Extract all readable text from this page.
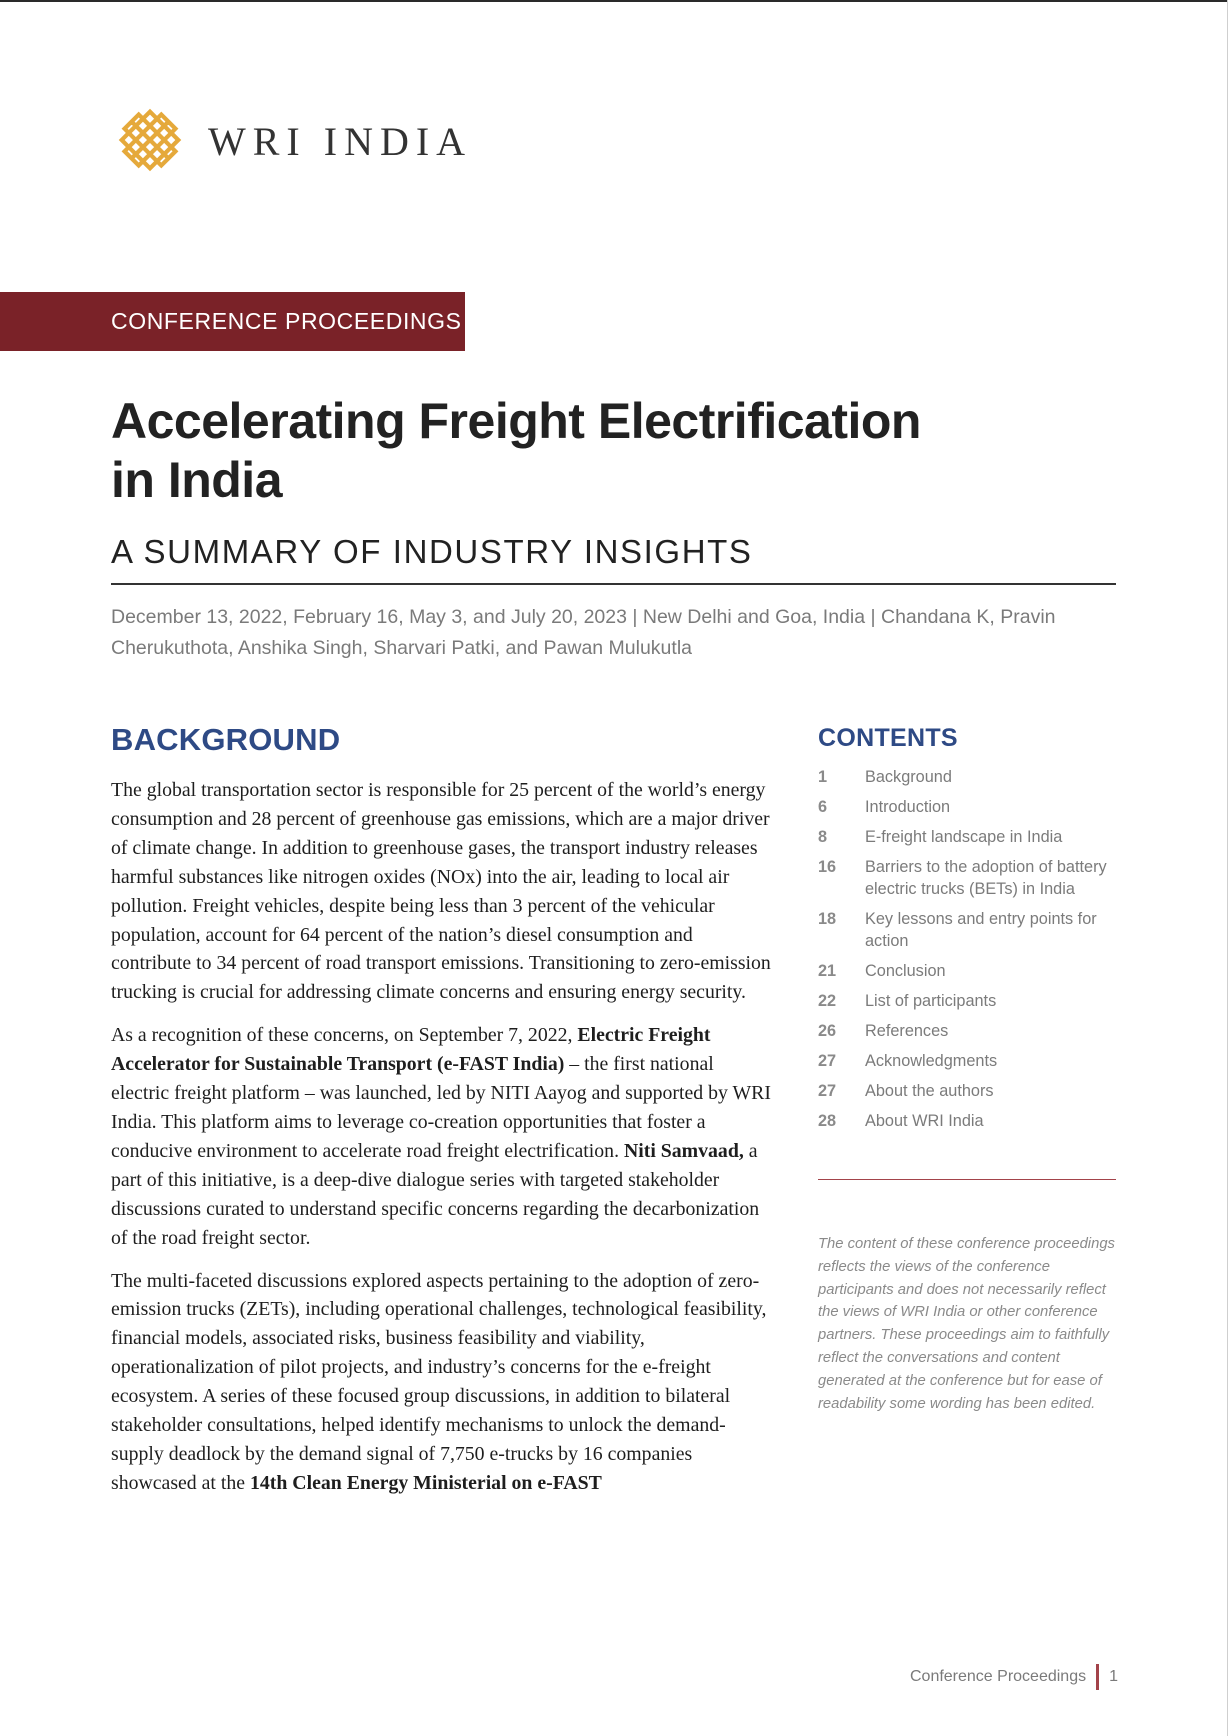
WRI INDIA
CONFERENCE PROCEEDINGS
Accelerating Freight Electrification in India
A SUMMARY OF INDUSTRY INSIGHTS
December 13, 2022, February 16, May 3, and July 20, 2023 | New Delhi and Goa, India | Chandana K, Pravin Cherukuthota, Anshika Singh, Sharvari Patki, and Pawan Mulukutla
BACKGROUND

The global transportation sector is responsible for 25 percent of the world’s energy consumption and 28 percent of greenhouse gas emissions, which are a major driver of climate change. In addition to greenhouse gases, the transport industry releases harmful substances like nitrogen oxides (NOx) into the air, leading to local air pollution. Freight vehicles, despite being less than 3 percent of the vehicular population, account for 64 percent of the nation’s diesel consumption and contribute to 34 percent of road transport emissions. Transitioning to zero-emission trucking is crucial for addressing climate concerns and ensuring energy security.

As a recognition of these concerns, on September 7, 2022, Electric Freight Accelerator for Sustainable Transport (e-FAST India) – the first national electric freight platform – was launched, led by NITI Aayog and supported by WRI India. This platform aims to leverage co-creation opportunities that foster a conducive environment to accelerate road freight electrification. Niti Samvaad, a part of this initiative, is a deep-dive dialogue series with targeted stakeholder discussions curated to understand specific concerns regarding the decarbonization of the road freight sector.

The multi-faceted discussions explored aspects pertaining to the adoption of zero-emission trucks (ZETs), including operational challenges, technological feasibility, financial models, associated risks, business feasibility and viability, operationalization of pilot projects, and industry’s concerns for the e-freight ecosystem. A series of these focused group discussions, in addition to bilateral stakeholder consultations, helped identify mechanisms to unlock the demand-supply deadlock by the demand signal of 7,750 e-trucks by 16 companies showcased at the 14th Clean Energy Ministerial on e-FAST

CONTENTS
1	Background
6	Introduction
8	E-freight landscape in India
16	Barriers to the adoption of battery electric trucks (BETs) in India
18	Key lessons and entry points for action
21	Conclusion
22	List of participants
26	References
27	Acknowledgments
27	About the authors
28	About WRI India
The content of these conference proceedings reflects the views of the conference participants and does not necessarily reflect the views of WRI India or other conference partners. These proceedings aim to faithfully reflect the conversations and content generated at the conference but for ease of readability some wording has been edited.
Conference Proceedings 1
